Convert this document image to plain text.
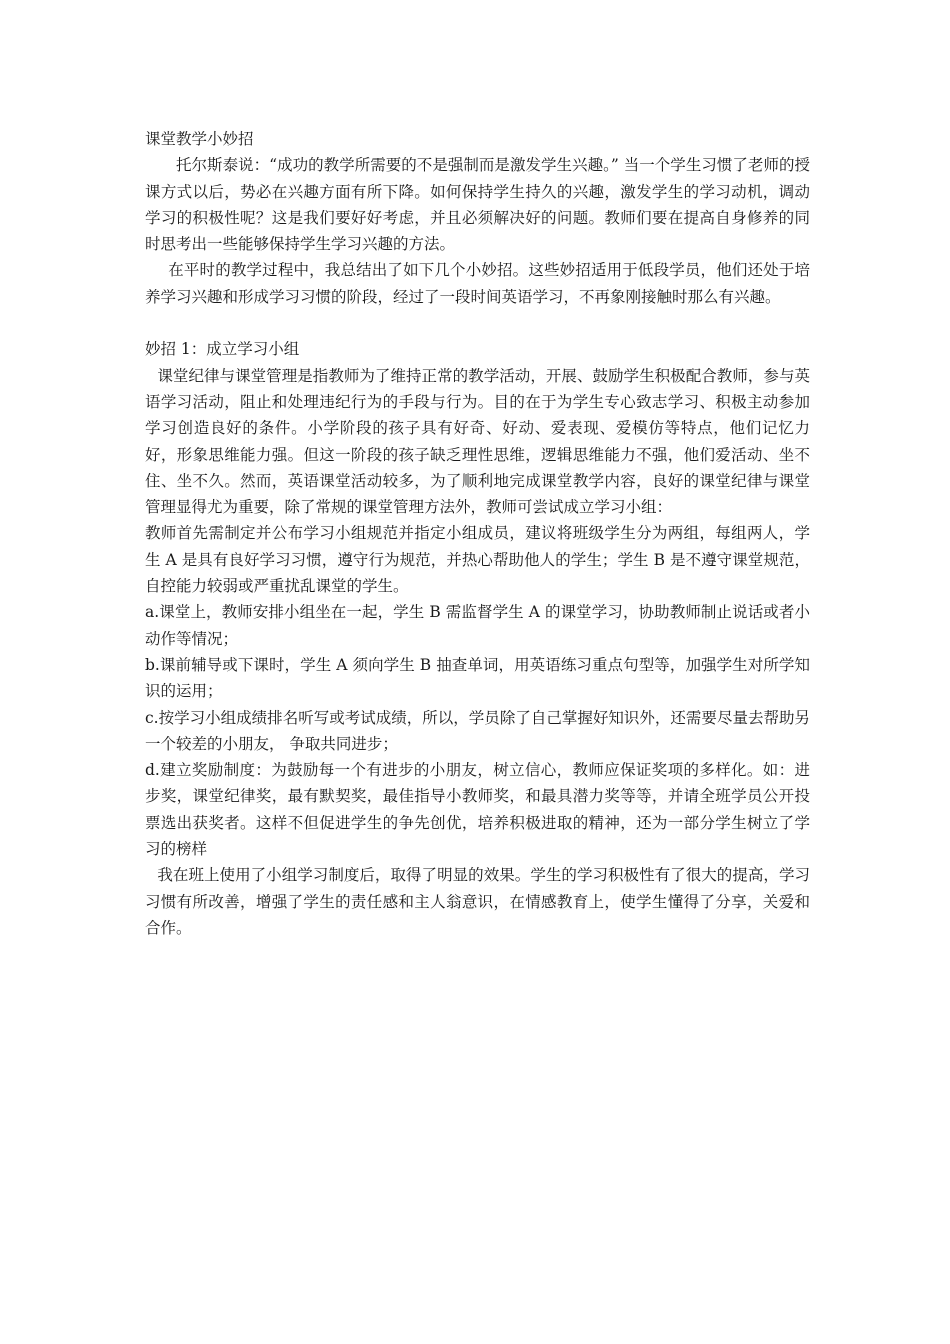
课堂教学小妙招

托尔斯泰说：“成功的教学所需要的不是强制而是激发学生兴趣。” 当一个学生习惯了老师的授课方式以后，势必在兴趣方面有所下降。如何保持学生持久的兴趣，激发学生的学习动机，调动学习的积极性呢？这是我们要好好考虑，并且必须解决好的问题。教师们要在提高自身修养的同时思考出一些能够保持学生学习兴趣的方法。

在平时的教学过程中，我总结出了如下几个小妙招。这些妙招适用于低段学员，他们还处于培养学习兴趣和形成学习习惯的阶段，经过了一段时间英语学习，不再象刚接触时那么有兴趣。

妙招 1：成立学习小组

课堂纪律与课堂管理是指教师为了维持正常的教学活动，开展、鼓励学生积极配合教师，参与英语学习活动，阻止和处理违纪行为的手段与行为。目的在于为学生专心致志学习、积极主动参加学习创造良好的条件。小学阶段的孩子具有好奇、好动、爱表现、爱模仿等特点，他们记忆力好，形象思维能力强。但这一阶段的孩子缺乏理性思维，逻辑思维能力不强，他们爱活动、坐不住、坐不久。然而，英语课堂活动较多，为了顺利地完成课堂教学内容，良好的课堂纪律与课堂管理显得尤为重要，除了常规的课堂管理方法外，教师可尝试成立学习小组：

教师首先需制定并公布学习小组规范并指定小组成员，建议将班级学生分为两组，每组两人，学生 A 是具有良好学习习惯，遵守行为规范，并热心帮助他人的学生；学生 B 是不遵守课堂规范，自控能力较弱或严重扰乱课堂的学生。

a.课堂上，教师安排小组坐在一起，学生 B 需监督学生 A 的课堂学习，协助教师制止说话或者小动作等情况；

b.课前辅导或下课时，学生 A 须向学生 B 抽查单词，用英语练习重点句型等，加强学生对所学知识的运用；

c.按学习小组成绩排名听写或考试成绩，所以，学员除了自己掌握好知识外，还需要尽量去帮助另一个较差的小朋友， 争取共同进步；

d.建立奖励制度：为鼓励每一个有进步的小朋友，树立信心，教师应保证奖项的多样化。如：进步奖，课堂纪律奖，最有默契奖，最佳指导小教师奖，和最具潜力奖等等，并请全班学员公开投票选出获奖者。这样不但促进学生的争先创优，培养积极进取的精神，还为一部分学生树立了学习的榜样

我在班上使用了小组学习制度后，取得了明显的效果。学生的学习积极性有了很大的提高，学习习惯有所改善，增强了学生的责任感和主人翁意识，在情感教育上，使学生懂得了分享，关爱和合作。
